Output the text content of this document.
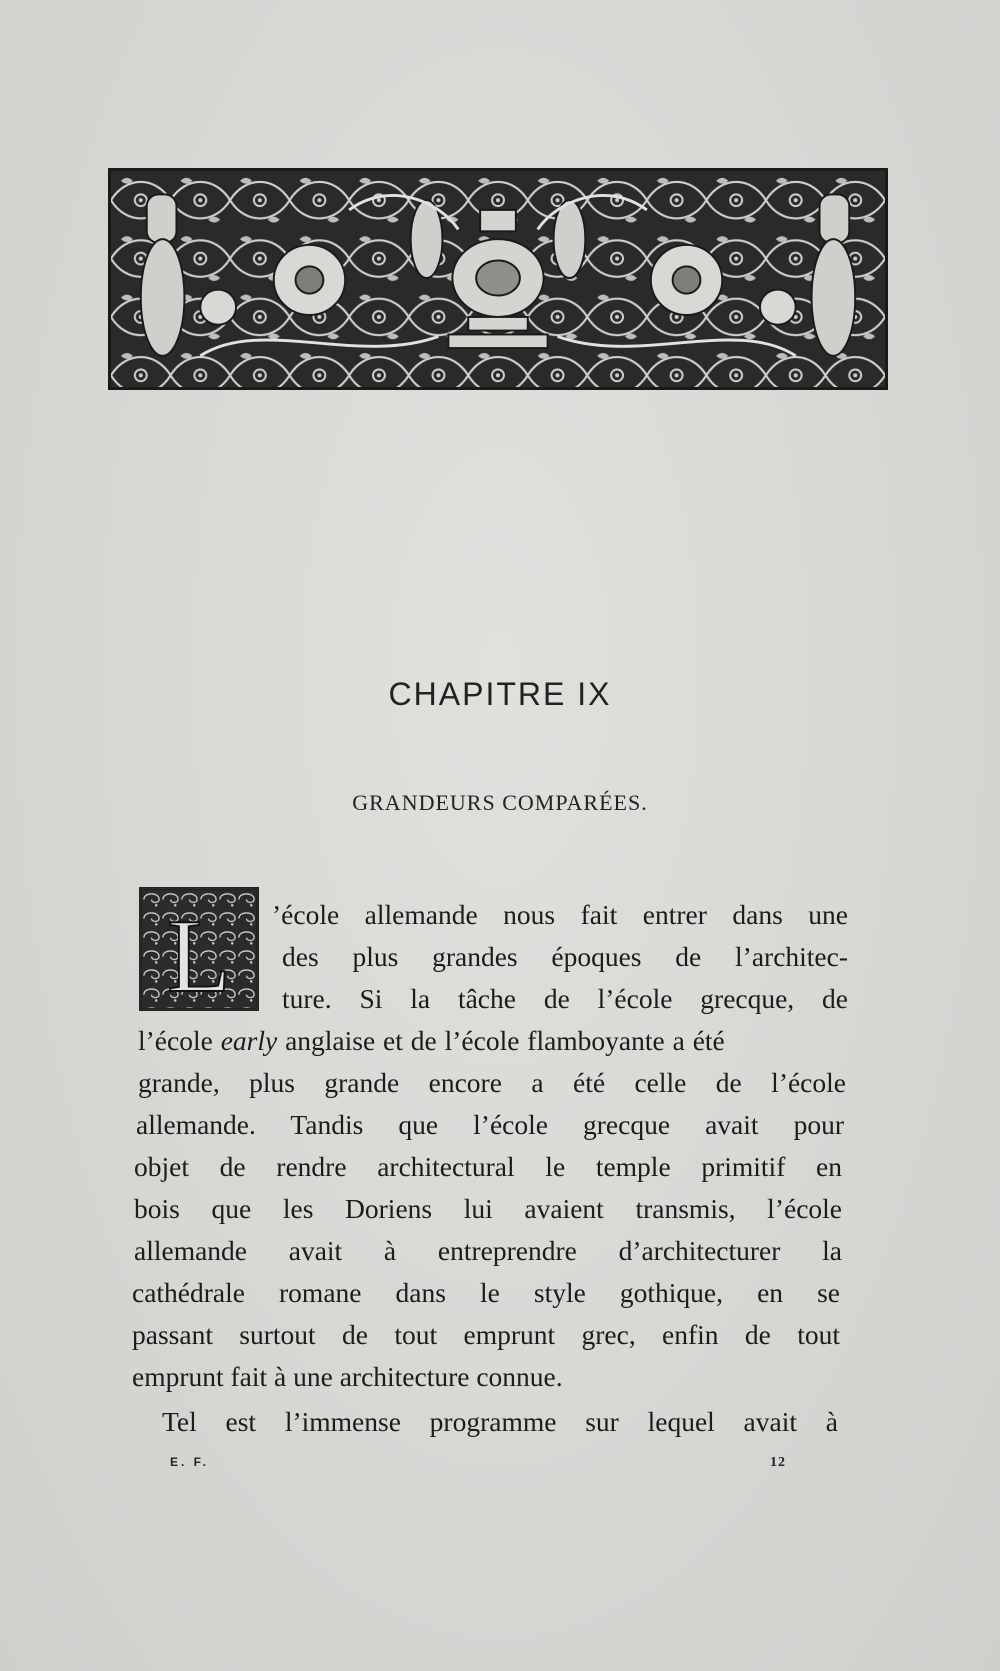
CHAPITRE IX
GRANDEURS COMPARÉES.
L ’école allemande nous fait entrer dans une
des plus grandes époques de l’architec-
ture. Si la tâche de l’école grecque, de
l’école early anglaise et de l’école flamboyante a été
grande, plus grande encore a été celle de l’école
allemande. Tandis que l’école grecque avait pour
objet de rendre architectural le temple primitif en
bois que les Doriens lui avaient transmis, l’école
allemande avait à entreprendre d’architecturer la
cathédrale romane dans le style gothique, en se
passant surtout de tout emprunt grec, enfin de tout
emprunt fait à une architecture connue.
Tel est l’immense programme sur lequel avait à
E. F.	12
